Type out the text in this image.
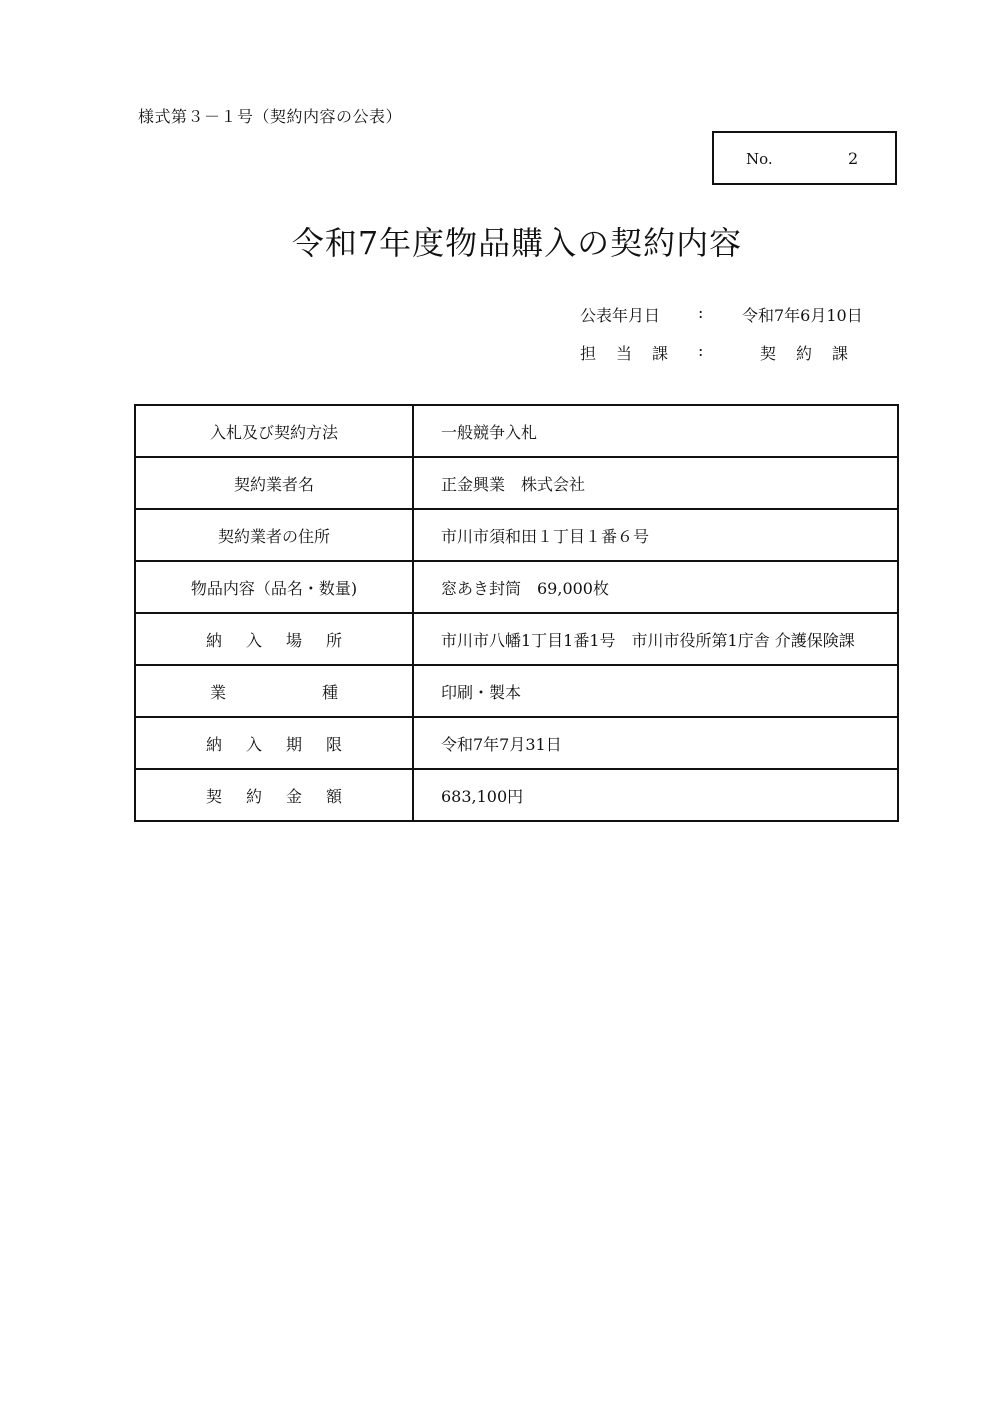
様式第３－１号（契約内容の公表）
No.	2
令和7年度物品購入の契約内容
公表年月日	: 令和7年6月10日
担当課 :	契約課
入札及び契約方法	一般競争入札
契約業者名	正金興業　株式会社
契約業者の住所	市川市須和田１丁目１番６号
物品内容（品名・数量)	窓あき封筒　69,000枚
納入場所	市川市八幡1丁目1番1号　市川市役所第1庁舎 介護保険課
業 種	印刷・製本
納入期限	令和7年7月31日
契約金額	683,100円
